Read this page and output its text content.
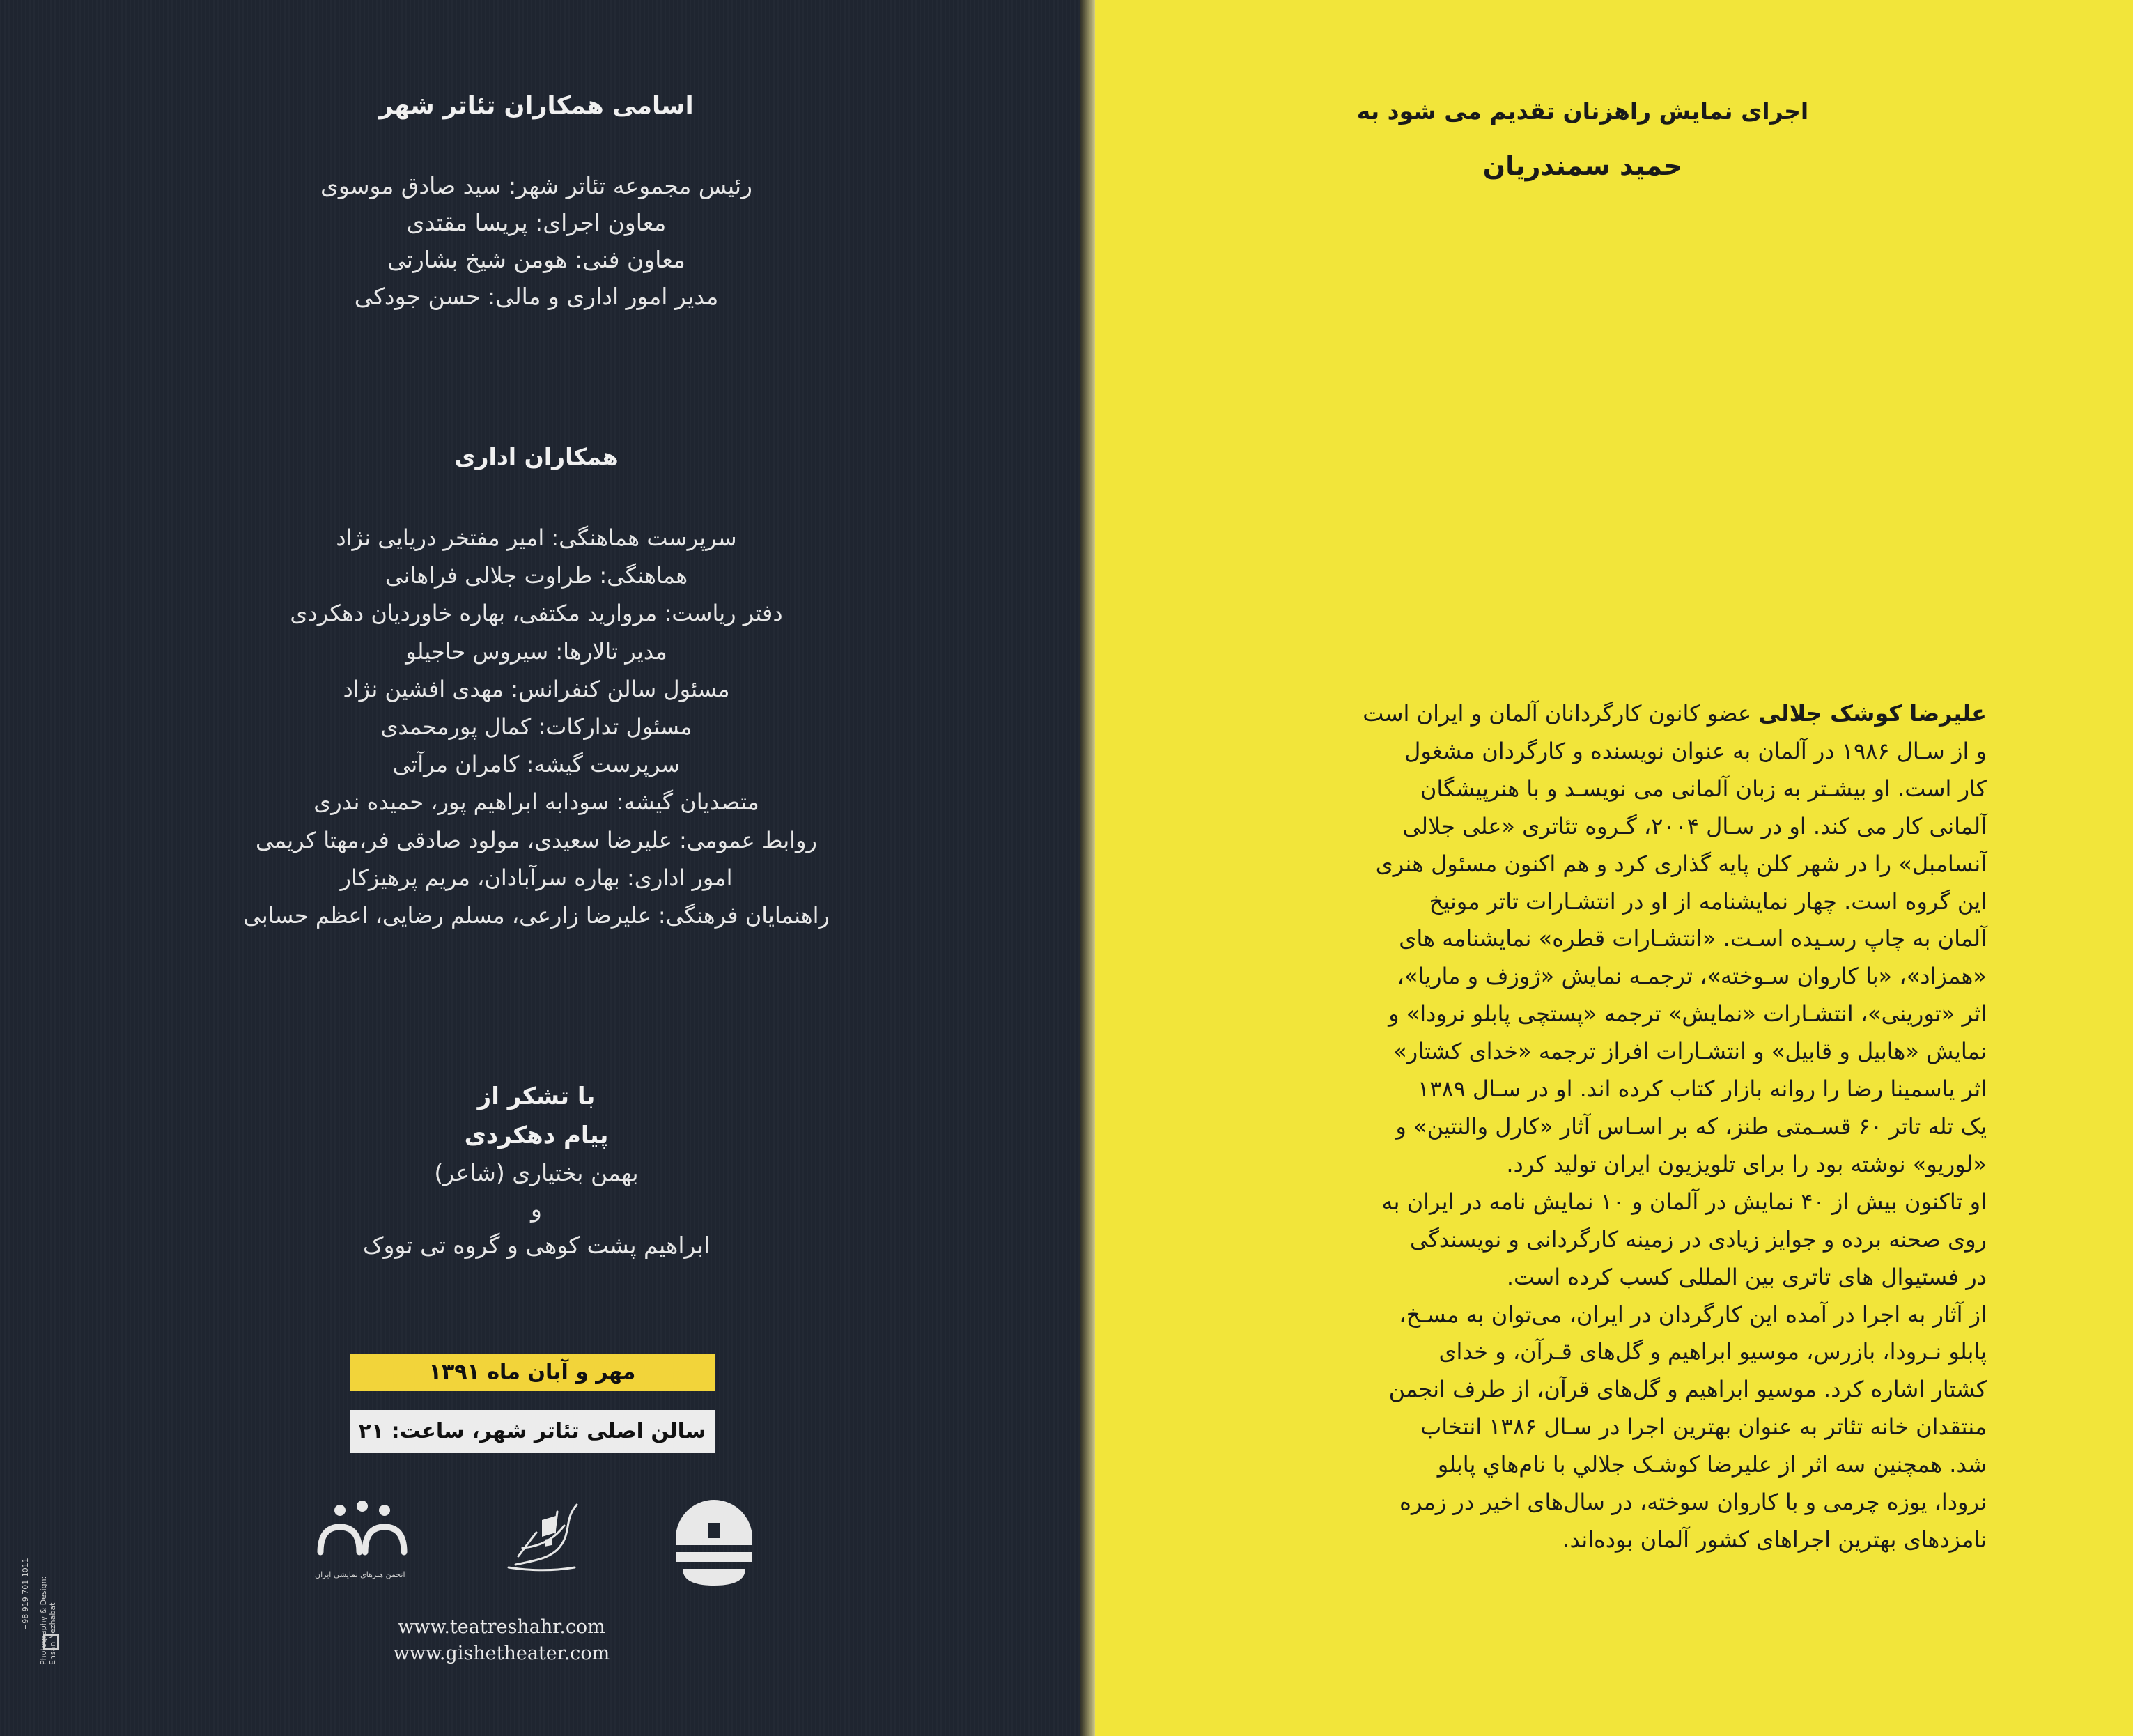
اسامی همکاران تئاتر شهر
رئیس مجموعه تئاتر شهر: سید صادق موسوی
معاون اجرای: پریسا مقتدی
معاون فنی: هومن شیخ بشارتی
مدیر امور اداری و مالی: حسن جودکی
همکاران اداری
سرپرست هماهنگی: امیر مفتخر دریایی نژاد
هماهنگی: طراوت جلالی فراهانی
دفتر ریاست: مروارید مکتفی، بهاره خاوردیان دهکردی
مدیر تالارها: سیروس حاجیلو
مسئول سالن کنفرانس: مهدی افشین نژاد
مسئول تدارکات: کمال پورمحمدی
سرپرست گیشه: کامران مرآتی
متصدیان گیشه: سودابه ابراهیم پور، حمیده ندری
روابط عمومی: علیرضا سعیدی، مولود صادقی فر،مهتا کریمی
امور اداری: بهاره سرآبادان، مریم پرهیزکار
راهنمایان فرهنگی: علیرضا زارعی، مسلم رضایی، اعظم حسابی
با تشکر از
پیام دهکردی
بهمن بختیاری (شاعر)
و
ابراهیم پشت کوهی و گروه تی تووک
مهر و آبان ماه ۱۳۹۱
سالن اصلی تئاتر شهر، ساعت: ۲۱
انجمن هنرهای نمایشی ایران
www.teatreshahr.com
www.gishetheater.com
Photography & Design: Ehsan Nezhabat
+98 919 701 1011
اجرای نمایش راهزنان تقدیم می شود به
حمید سمندریان
علیرضا کوشک جلالی عضو کانون کارگردانان آلمان و ایران است
و از سـال ۱۹۸۶ در آلمان به عنوان نویسنده و کارگردان مشغول
کار است. او بیشـتر به زبان آلمانی می نویسـد و با هنرپیشگان
آلمانی کار می کند. او در سـال ۲۰۰۴، گـروه تئاتری «علی جلالی
آنسامبل» را در شهر کلن پایه گذاری کرد و هم اکنون مسئول هنری
این گروه است. چهار نمایشنامه از او در انتشـارات تاتر مونیخ
آلمان به چاپ رسـیده اسـت. «انتشـارات قطره» نمایشنامه های
«همزاد»، «با کاروان سـوخته»، ترجمـه نمایش «ژوزف و ماریا»،
اثر «تورینی»، انتشـارات «نمایش» ترجمه «پستچی پابلو نرودا» و
نمایش «هابیل و قابیل» و انتشـارات افراز ترجمه «خدای کشتار»
اثر یاسمینا رضا را روانه بازار کتاب کرده اند. او در سـال ۱۳۸۹
یک تله تاتر ۶۰ قسـمتی طنز، که بر اسـاس آثار «کارل والنتین» و
«لوریو» نوشته بود را برای تلویزیون ایران تولید کرد.
او تاکنون بیش از ۴۰ نمایش در آلمان و ۱۰ نمایش نامه در ایران به
روی صحنه برده و جوایز زیادی در زمینه کارگردانی و نویسندگی
در فستیوال های تاتری بین المللی کسب کرده است.
از آثار به اجرا در آمده این کارگردان در ایران، می‌توان به مسـخ،
پابلو نـرودا، بازرس، موسیو ابراهیم و گل‌های قـرآن، و خدای
کشتار اشاره کرد. موسیو ابراهیم و گل‌های قرآن، از طرف انجمن
منتقدان خانه تئاتر به عنوان بهترین اجرا در سـال ۱۳۸۶ انتخاب
شد. همچنین سه اثر از علیرضا کوشـک جلالي با نام‌هاي پابلو
نرودا، یوزه چرمی و با کاروان سوخته، در سال‌های اخیر در زمره
نامزدهای بهترین اجراهای کشور آلمان بوده‌اند.
